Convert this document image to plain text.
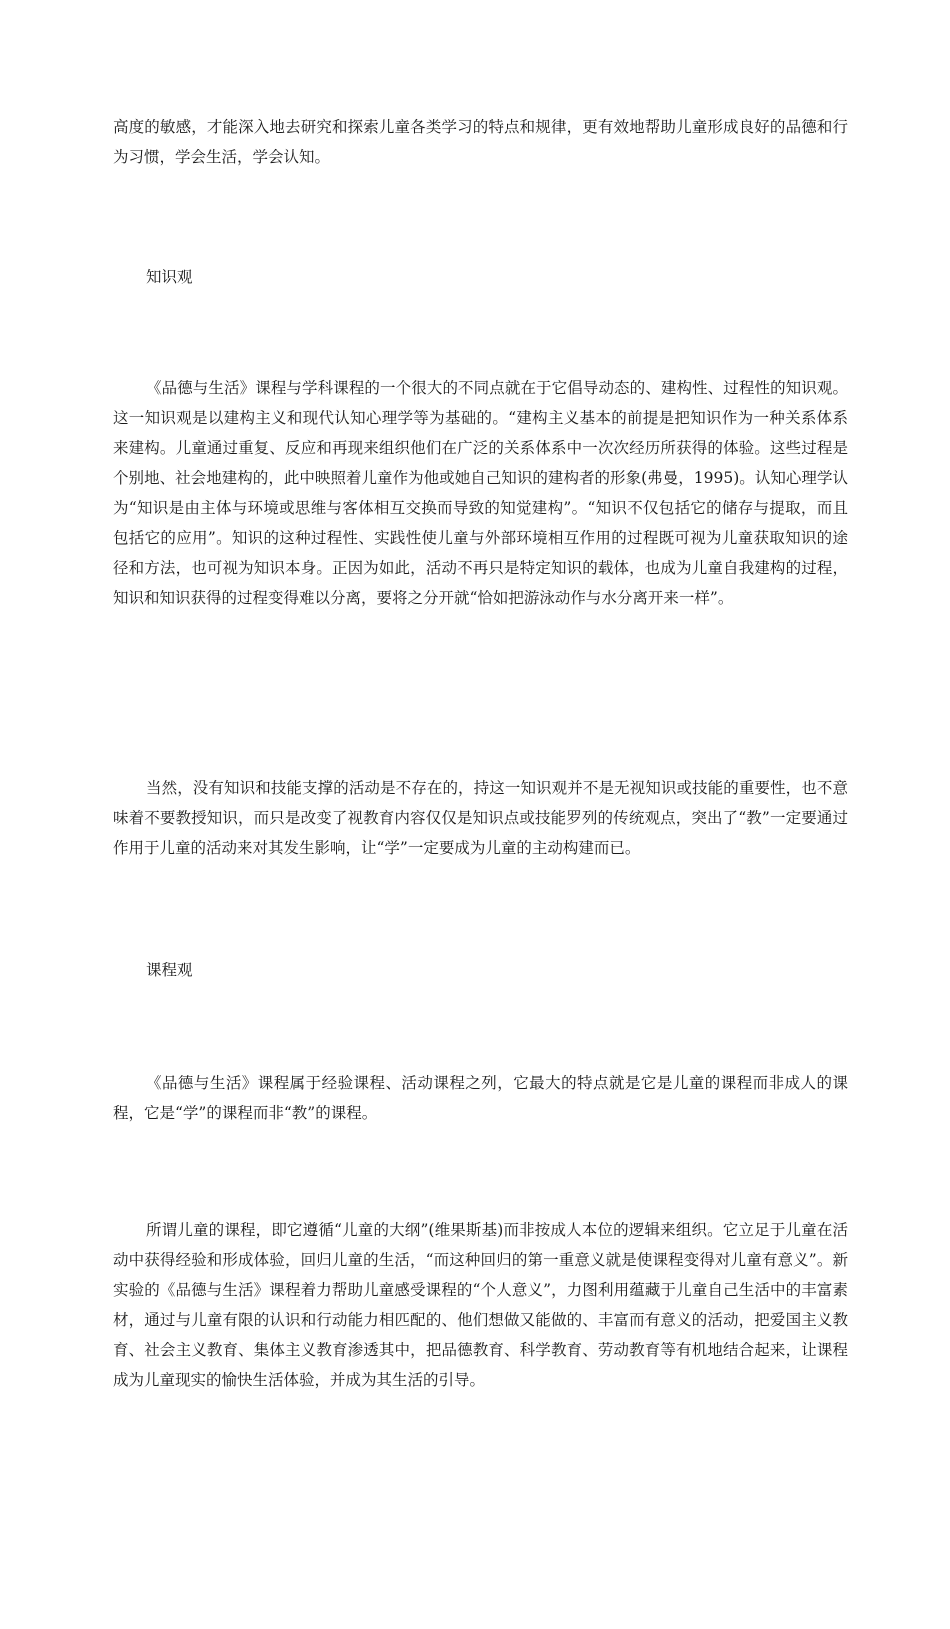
高度的敏感，才能深入地去研究和探索儿童各类学习的特点和规律，更有效地帮助儿童形成良好的品德和行为习惯，学会生活，学会认知。

知识观

《品德与生活》课程与学科课程的一个很大的不同点就在于它倡导动态的、建构性、过程性的知识观。这一知识观是以建构主义和现代认知心理学等为基础的。“建构主义基本的前提是把知识作为一种关系体系来建构。儿童通过重复、反应和再现来组织他们在广泛的关系体系中一次次经历所获得的体验。这些过程是个别地、社会地建构的，此中映照着儿童作为他或她自己知识的建构者的形象(弗曼，1995)。认知心理学认为“知识是由主体与环境或思维与客体相互交换而导致的知觉建构”。“知识不仅包括它的储存与提取，而且包括它的应用”。知识的这种过程性、实践性使儿童与外部环境相互作用的过程既可视为儿童获取知识的途径和方法，也可视为知识本身。正因为如此，活动不再只是特定知识的载体，也成为儿童自我建构的过程，知识和知识获得的过程变得难以分离，要将之分开就“恰如把游泳动作与水分离开来一样”。

当然，没有知识和技能支撑的活动是不存在的，持这一知识观并不是无视知识或技能的重要性，也不意味着不要教授知识，而只是改变了视教育内容仅仅是知识点或技能罗列的传统观点，突出了“教”一定要通过作用于儿童的活动来对其发生影响，让“学”一定要成为儿童的主动构建而已。

课程观

《品德与生活》课程属于经验课程、活动课程之列，它最大的特点就是它是儿童的课程而非成人的课程，它是“学”的课程而非“教”的课程。

所谓儿童的课程，即它遵循“儿童的大纲”(维果斯基)而非按成人本位的逻辑来组织。它立足于儿童在活动中获得经验和形成体验，回归儿童的生活，“而这种回归的第一重意义就是使课程变得对儿童有意义”。新实验的《品德与生活》课程着力帮助儿童感受课程的“个人意义”，力图利用蕴藏于儿童自己生活中的丰富素材，通过与儿童有限的认识和行动能力相匹配的、他们想做又能做的、丰富而有意义的活动，把爱国主义教育、社会主义教育、集体主义教育渗透其中，把品德教育、科学教育、劳动教育等有机地结合起来，让课程成为儿童现实的愉快生活体验，并成为其生活的引导。
